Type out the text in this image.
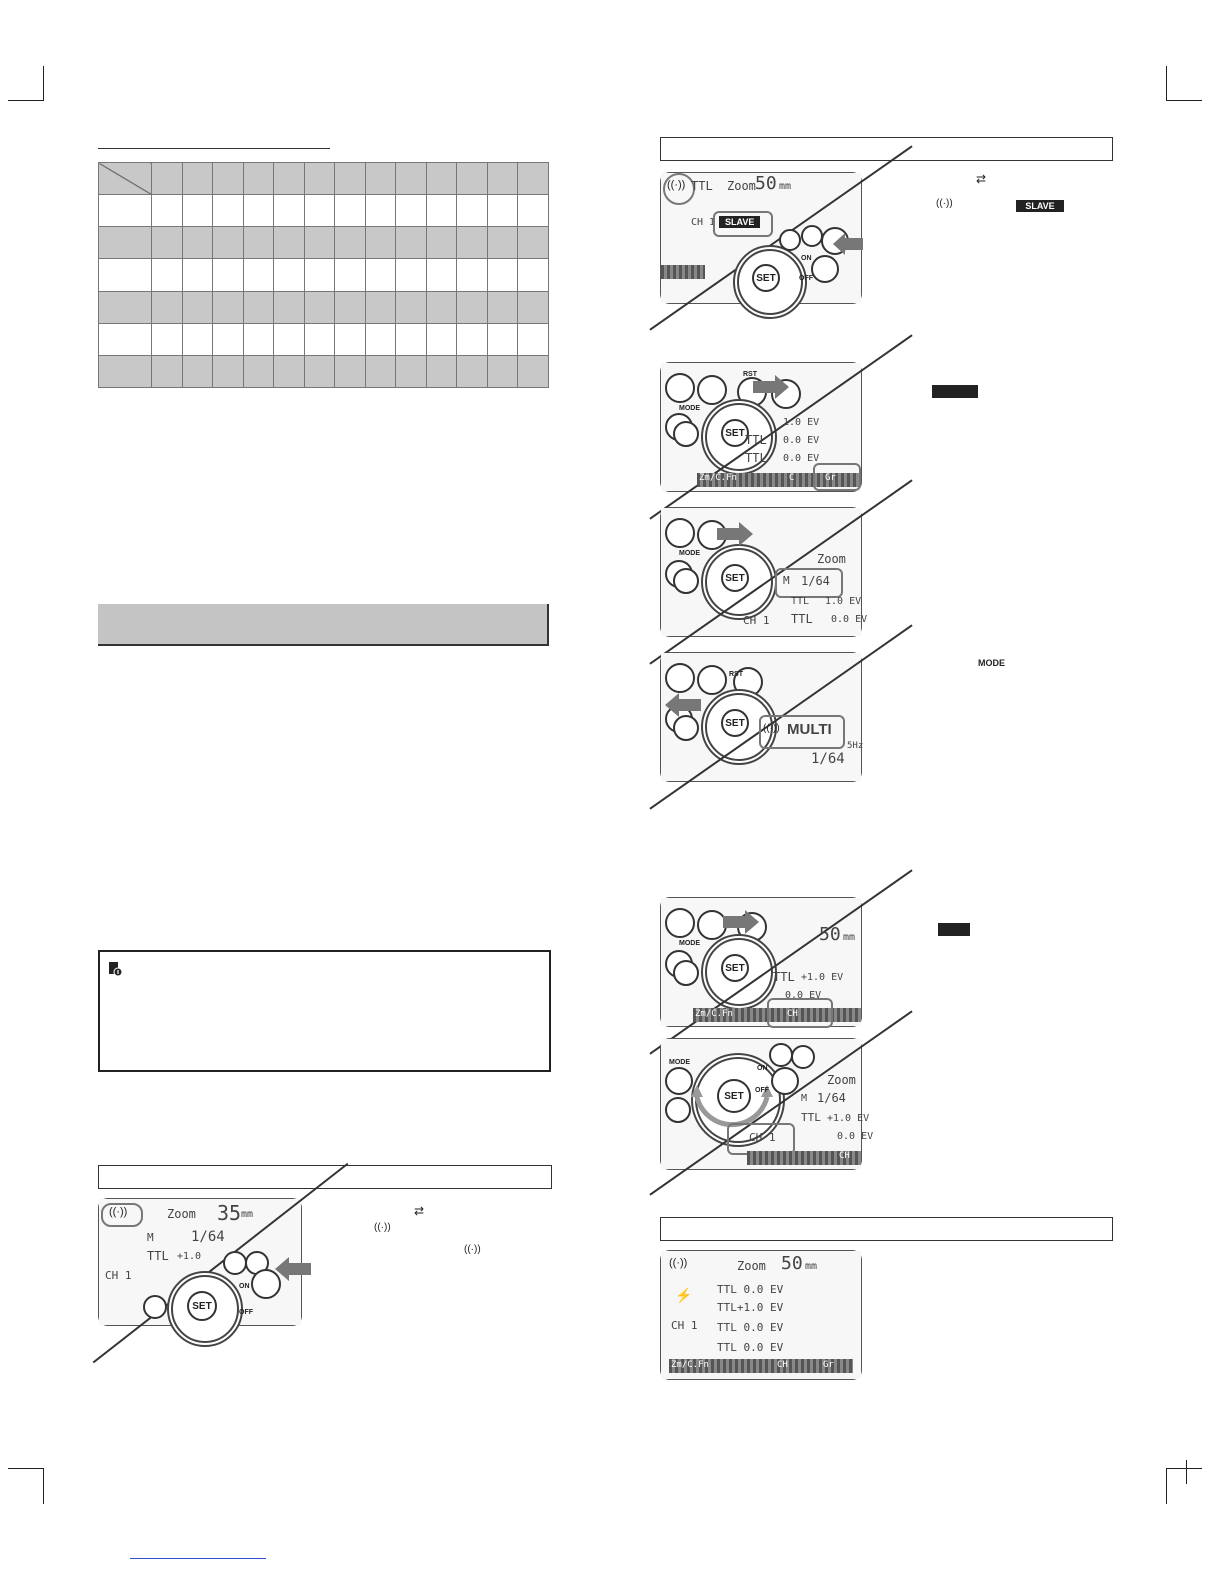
((·))	Zoom 35 mm
M	1/64
TTL +1.0
CH 1
SET
ON
OFF
((·)) TTL Zoom 50 mm
CH 1	SLAVE
SET
ON
OFF
⇄
((·))	SLAVE
RST
MODE
SET
1.0 EV
TTL 0.0 EV
TTL 0.0 EV
Zm/C.Fn	C	Gr
MODE
SET
Zoom
M 1/64
TTL 1.0 EV
TTL 0.0 EV
CH 1
RST
SET	((·)) MULTI
5Hz
1/64
MODE
MODE
SET
50 mm
TTL +1.0 EV
0.0 EV
Zm/C.Fn	CH
MODE
SET
ON
OFF
Zoom
M 1/64
TTL +1.0 EV
0.0 EV
CH 1
CH
((·))	Zoom 50 mm
⚡
CH 1
TTL 0.0 EV
TTL+1.0 EV
TTL 0.0 EV
TTL 0.0 EV
Zm/C.Fn	CH	Gr
⇄
((·))
((·))
